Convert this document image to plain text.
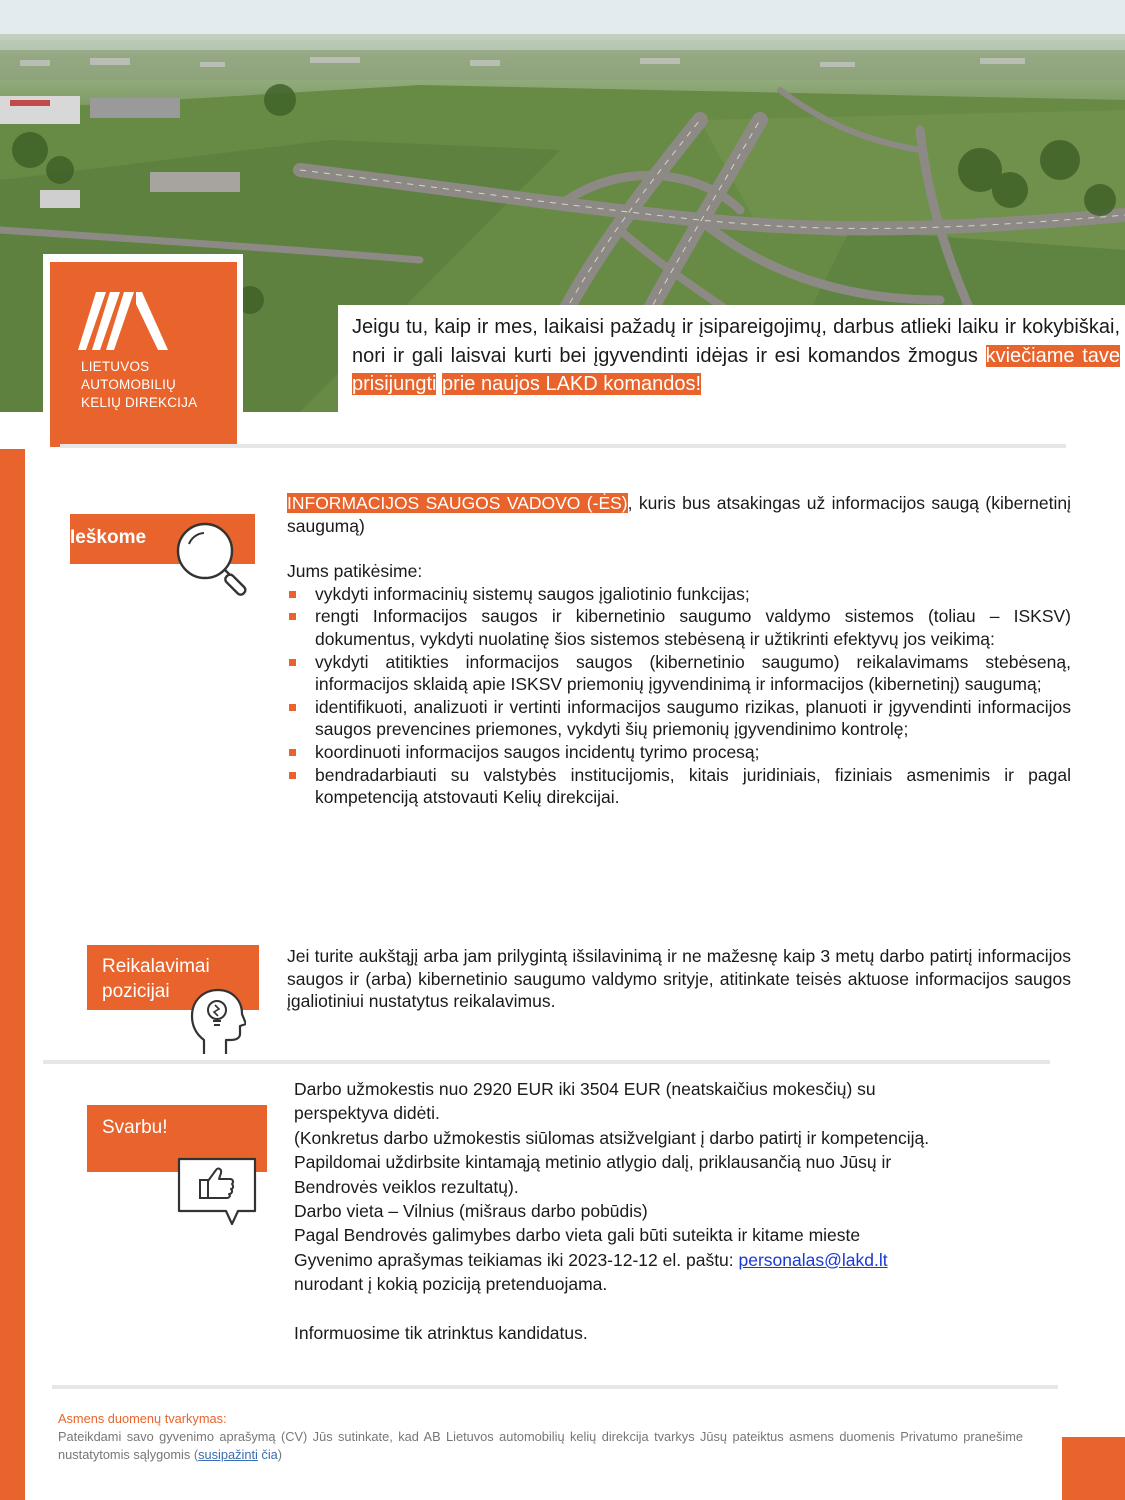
LIETUVOS
AUTOMOBILIŲ
KELIŲ DIREKCIJA
Jeigu tu, kaip ir mes, laikaisi pažadų ir įsipareigojimų, darbus atlieki laiku ir kokybiškai, nori ir gali laisvai kurti bei įgyvendinti idėjas ir esi komandos žmogus kviečiame tave prisijungti prie naujos LAKD komandos!
Ieškome

INFORMACIJOS SAUGOS VADOVO (-ĖS), kuris bus atsakingas už informacijos saugą (kibernetinį saugumą)

Jums patikėsime:

vykdyti informacinių sistemų saugos įgaliotinio funkcijas;
rengti Informacijos saugos ir kibernetinio saugumo valdymo sistemos (toliau – ISKSV) dokumentus, vykdyti nuolatinę šios sistemos stebėseną ir užtikrinti efektyvų jos veikimą:
vykdyti atitikties informacijos saugos (kibernetinio saugumo) reikalavimams stebėseną, informacijos sklaidą apie ISKSV priemonių įgyvendinimą ir informacijos (kibernetinį) saugumą;
identifikuoti, analizuoti ir vertinti informacijos saugumo rizikas, planuoti ir įgyvendinti informacijos saugos prevencines priemones, vykdyti šių priemonių įgyvendinimo kontrolę;
koordinuoti informacijos saugos incidentų tyrimo procesą;
bendradarbiauti su valstybės institucijomis, kitais juridiniais, fiziniais asmenimis ir pagal kompetenciją atstovauti Kelių direkcijai.
Reikalavimai
pozicijai
Jei turite aukštąjį arba jam prilygintą išsilavinimą ir ne mažesnę kaip 3 metų darbo patirtį informacijos saugos ir (arba) kibernetinio saugumo valdymo srityje, atitinkate teisės aktuose informacijos saugos įgaliotiniui nustatytus reikalavimus.
Svarbu!

Darbo užmokestis nuo 2920 EUR iki 3504 EUR (neatskaičius mokesčių) su

perspektyva didėti.

(Konkretus darbo užmokestis siūlomas atsižvelgiant į darbo patirtį ir kompetenciją.

Papildomai uždirbsite kintamąją metinio atlygio dalį, priklausančią nuo Jūsų ir

Bendrovės veiklos rezultatų).

Darbo vieta – Vilnius (mišraus darbo pobūdis)

Pagal Bendrovės galimybes darbo vieta gali būti suteikta ir kitame mieste

Gyvenimo aprašymas teikiamas iki 2023-12-12 el. paštu: personalas@lakd.lt

nurodant į kokią poziciją pretenduojama.

Informuosime tik atrinktus kandidatus.

Asmens duomenų tvarkymas:
Pateikdami savo gyvenimo aprašymą (CV) Jūs sutinkate, kad AB Lietuvos automobilių kelių direkcija tvarkys Jūsų pateiktus asmens duomenis Privatumo pranešime nustatytomis sąlygomis (susipažinti čia)
